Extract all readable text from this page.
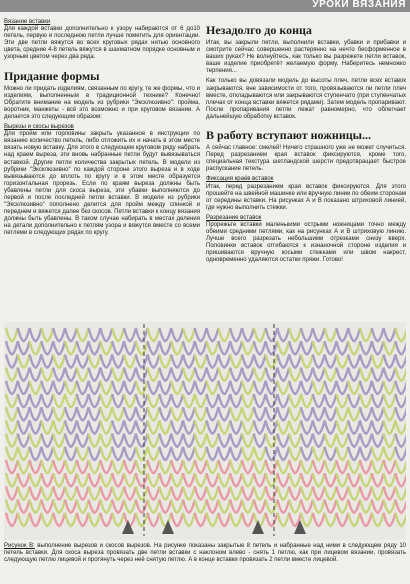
УРОКИ ВЯЗАНИЯ
Вязание вставки

Для каждой вставки дополнительно к узору набираются от 6 до10 петель, первую и последнюю петли лучше пометить для ориентации. Эти две петли вяжутся во всех круговых рядах нитью основного цвета, средние 4-8 петель вяжутся в шахматном порядке основным и узорным цветом через два ряда.

Придание формы

Можно ли придать изделиям, связанным по кругу, те же формы, что и изделиям, выполненным в традиционной технике? Конечно! Обратите внимание на модель из рубрики "Эксклюзивно": пройма, воротник, манжеты - всё это возможно и при круговом вязании. А делается это следующим образом:

Вырезы и скосы вырезов

Для пройм или горловины закрыть указанное в инструкции по вязанию количество петель, либо отложить их и начать в этом месте вязать новую вставку. Для этого в следующем круговом ряду набрать над краем выреза, эти вновь набранные петли будут вывязываться вставкой. Другие петли количества закрытых петель. В модели из рубрики "Эксклюзивно" по каждой стороне этого выреза и в ходе вывязываются до вплоть по кругу и в этом месте образуется горизонтальная прорезь. Если по краям выреза должны быть убавлены петли для скоса выреза, эти убавки выполняются до первой и после последней петли вставки. В модели из рубрики "Эксклюзивно" пополнено делится для пройм между спинкой и переднем и вяжется далее без скосов. Петли вставки к концу вязания должны быть убавлены. В таком случае набирать в местах деления на детали дополнительно к петлям узора и вяжутся вместе со всеми петлями в следующих рядах по кругу.

Незадолго до конца

Итак, вы закрыли петли, выполнили вставки, убавки и прибавки и смотрите сейчас совершенно растерянно на нечто бесформенное в ваших руках? Не волнуйтесь, как только вы разрежете петли вставок, ваше изделие приобретёт желаемую форму. Наберитесь немножко терпения...

Как только вы довязали модель до высоты плеч, петли всех вставок закрываются, вне зависимости от того, провязываются ли петли плеч вместе, откладываются или закрываются ступенчато (при ступенчатых плечах от конца вставки вяжется рядами). Затем модель пропаривают. После пропаривания петли лежат равномерно, что облегчает дальнейшую обработку вставок.

В работу вступают ножницы...

А сейчас главное: смелей! Ничего страшного уже не может случиться. Перед разрезанием края вставок фиксируются, кроме того, специальная текстура шетландской шерсти предотвращает быстрое распускание петель.

Фиксация краёв вставок

Итак, перед разрезанием края вставок фиксируются. Для этого прошейте на швейной машинке или вручную линии по обеим сторонам от середины вставки. На рисунках А и В показано штриховой линией, где нужно выполнить стежки.

Разрезание вставок

Прорежьте вставки маленькими острыми ножницами точно между обеими средними петлями, как на рисунках А и В штриховую линию. Лучше всего разрезать небольшими отрезками снизу вверх. Половинки вставок отгибаются к изнаночной стороне изделия и пришиваются вручную косыми стежками или швом накрест, одновременно удаляются остатки пряжи. Готово!

Рисунок В: выполнение вырезов и скосов вырезов. На рисунке показаны закрытые 8 петель и набранные над ними в следующем ряду 10 петель вставки. Для скоса выреза провязать две петли вставки с наклоном влево - снять 1 петлю, как при лицевом вязании, провязать следующую петлю лицевой и протянуть через неё снятую петлю. А в конце вставки провязать 2 петли вместе лицевой.
